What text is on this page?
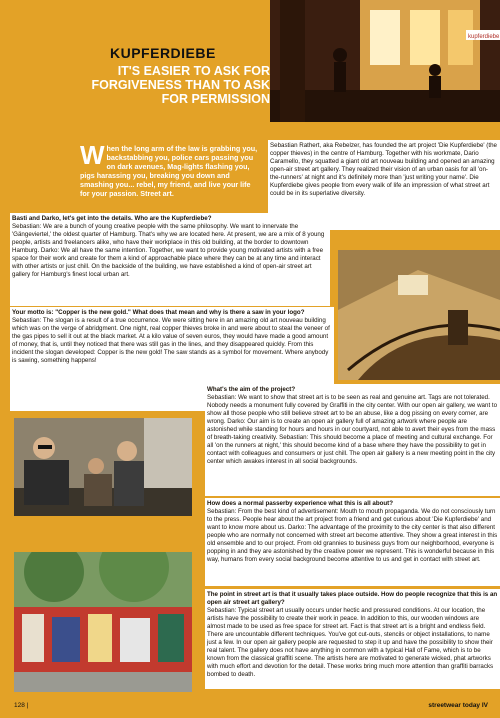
kupferdiebe
KUPFERDIEBE
IT'S EASIER TO ASK FOR FORGIVENESS THAN TO ASK FOR PERMISSION
W hen the long arm of the law is grabbing you, backstabbing you, police cars passing you on dark avenues, Mag-lights flashing you, pigs harassing you, breaking you down and smashing you... rebel, my friend, and live your life for your passion. Street art.

Sebastian Rathert, aka Rebelzer, has founded the art project 'Die Kupferdiebe' (the copper thieves) in the centre of Hamburg. Together with his workmate, Dario Caramello, they squatted a giant old art nouveau building and opened an amazing open-air street art gallery. They realized their vision of an urban oasis for all 'on-the-runners' at night and it's definitely more than 'just writing your name'. Die Kupferdiebe gives people from every walk of life an impression of what street art could be in its superlative diversity.

Basti and Darko, let's get into the details. Who are the Kupferdiebe?

Sebastian: We are a bunch of young creative people with the same philosophy. We want to innervate the 'Gängeviertel,' the oldest quarter of Hamburg. That's why we are located here. At present, we are a mix of 8 young people, artists and freelancers alike, who have their workplace in this old building, at the border to downtown Hamburg. Darko: We all have the same intention. Together, we want to provide young motivated artists with a free space for their work and create for them a kind of approachable place where they can be at any time and interact with other artists or just chill. On the backside of the building, we have established a kind of open-air street art gallery for Hamburg's finest local urban art.

Your motto is: "Copper is the new gold." What does that mean and why is there a saw in your logo?

Sebastian: The slogan is a result of a true occurrence. We were sitting here in an amazing old art nouveau building which was on the verge of abridgment. One night, real copper thieves broke in and were about to steal the veneer of the gas pipes to sell it out at the black market. At a kilo value of seven euros, they would have made a good amount of money, that is, until they noticed that there was still gas in the lines, and they disappeared quickly. From this incident the slogan developed: Copper is the new gold! The saw stands as a symbol for movement. Where anybody is sawing, something happens!

What's the aim of the project?

Sebastian: We want to show that street art is to be seen as real and genuine art. Tags are not tolerated. Nobody needs a monument fully covered by Graffiti in the city center. With our open air gallery, we want to show all those people who still believe street art to be an abuse, like a dog pissing on every corner, are wrong. Darko: Our aim is to create an open air gallery full of amazing artwork where people are astonished while standing for hours and hours in our courtyard, not able to avert their eyes from the mass of breath-taking creativity. Sebastian: This should become a place of meeting and cultural exchange. For all 'on the runners at night,' this should become kind of a base where they have the possibility to get in contact with colleagues and consumers or just chill. The open air gallery is a new meeting point in the city center which awakes interest in all social backgrounds.

How does a normal passerby experience what this is all about?

Sebastian: From the best kind of advertisement: Mouth to mouth propaganda. We do not consciously turn to the press. People hear about the art project from a friend and get curious about 'Die Kupferdiebe' and want to know more about us. Darko: The advantage of the proximity to the city center is that also different people who are normally not concerned with street art become attentive. They show a great interest in this old ensemble and to our project. From old grannies to business guys from our neighborhood, everyone is popping in and they are astonished by the creative power we represent. This is wonderful because in this way, humans from every social background become attentive to us and get in contact with street art.

The point in street art is that it usually takes place outside. How do people recognize that this is an open air street art gallery?

Sebastian: Typical street art usually occurs under hectic and pressured conditions. At our location, the artists have the possibility to create their work in peace. In addition to this, our wooden windows are almost made to be used as free space for street art. Fact is that street art is a bright and endless field. There are uncountable different techniques. You've got cut-outs, stencils or object installations, to name just a few. In our open air gallery people are requested to step it up and have the possibility to show their real talent. The gallery does not have anything in common with a typical Hall of Fame, which is to be known from the classical graffiti scene. The artists here are motivated to generate wicked, phat artworks with much effort and devotion for the detail. These works bring much more attention than graffiti barracks bombed to death.

128 |	streetwear today IV
